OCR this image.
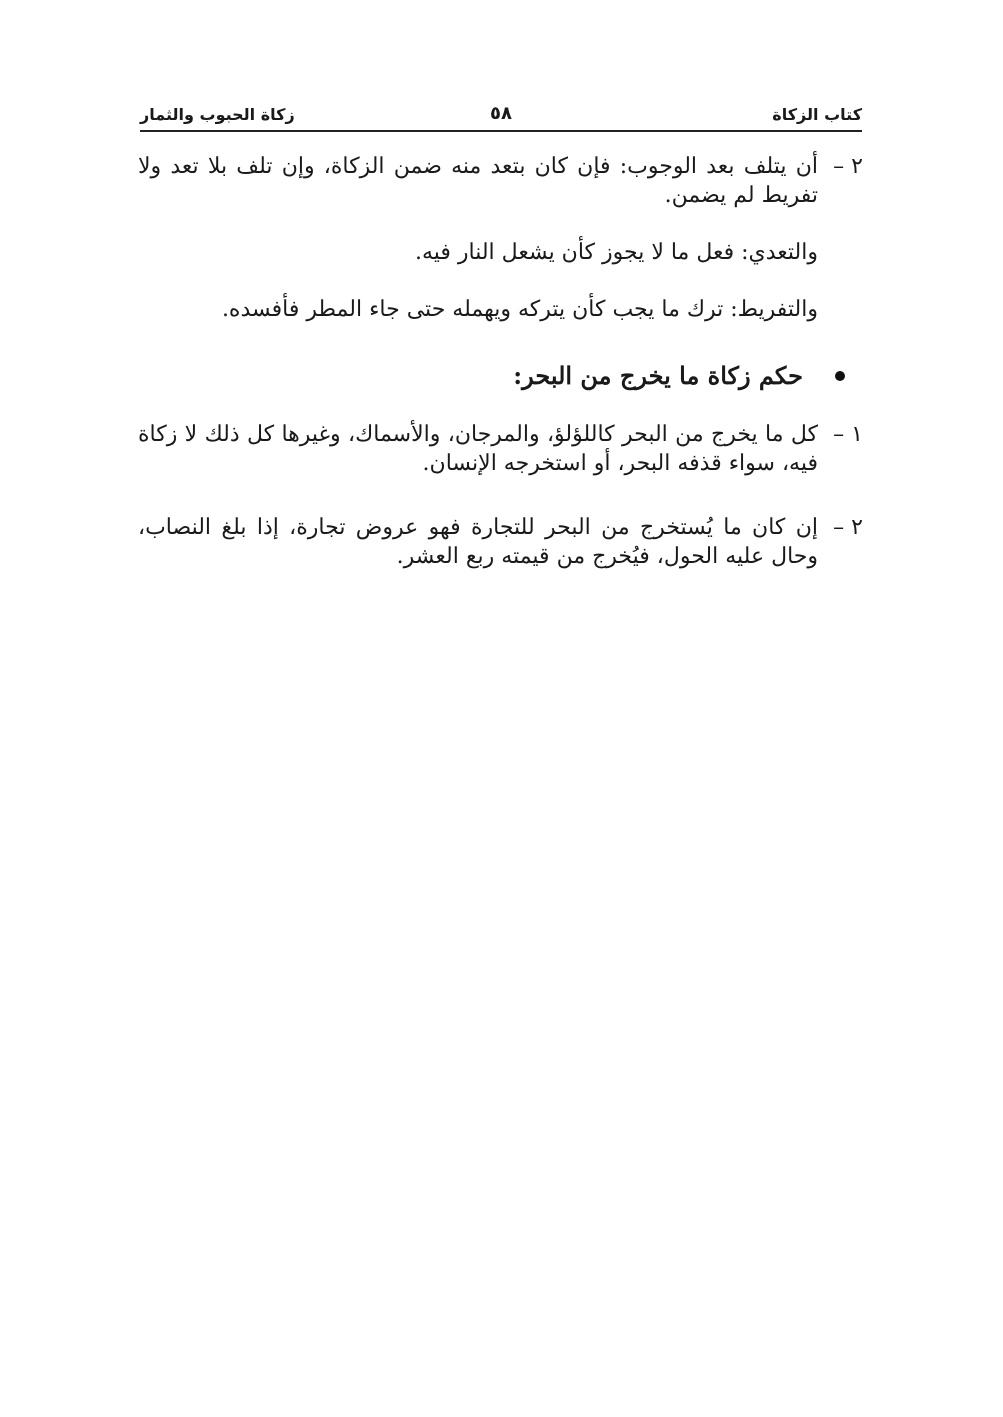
كتاب الزكاة
٥٨
زكاة الحبوب والثمار

٢ –
أن يتلف بعد الوجوب: فإن كان بتعد منه ضمن الزكاة، وإن تلف بلا تعد ولا تفريط لم يضمن.

والتعدي: فعل ما لا يجوز كأن يشعل النار فيه.

والتفريط: ترك ما يجب كأن يتركه ويهمله حتى جاء المطر فأفسده.

حكم زكاة ما يخرج من البحر:

١ –
كل ما يخرج من البحر كاللؤلؤ، والمرجان، والأسماك، وغيرها كل ذلك لا زكاة فيه، سواء قذفه البحر، أو استخرجه الإنسان.

٢ –
إن كان ما يُستخرج من البحر للتجارة فهو عروض تجارة، إذا بلغ النصاب، وحال عليه الحول، فيُخرج من قيمته ربع العشر.
